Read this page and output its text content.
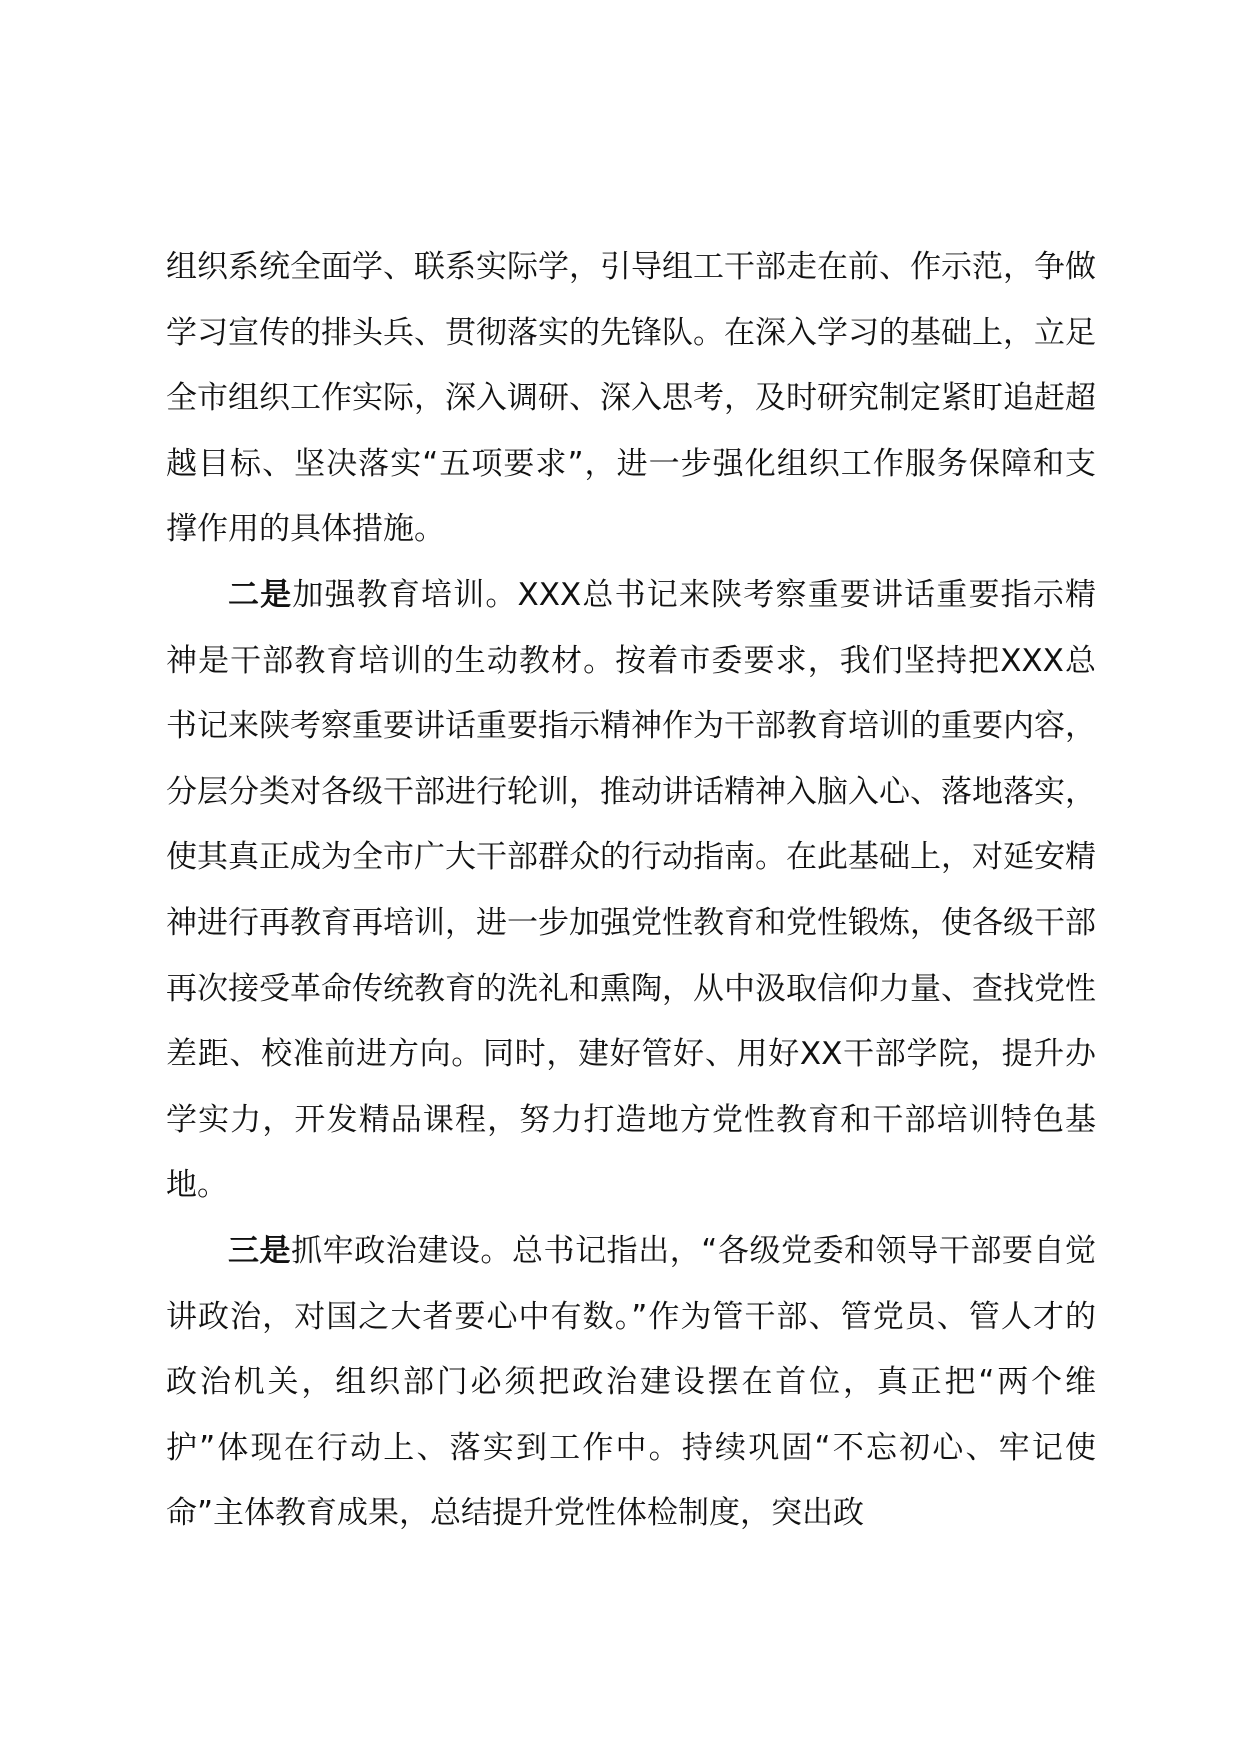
组织系统全面学、联系实际学，引导组工干部走在前、作示范，争做学习宣传的排头兵、贯彻落实的先锋队。在深入学习的基础上，立足全市组织工作实际，深入调研、深入思考，及时研究制定紧盯追赶超越目标、坚决落实“五项要求”，进一步强化组织工作服务保障和支撑作用的具体措施。

二是加强教育培训。XXX总书记来陕考察重要讲话重要指示精神是干部教育培训的生动教材。按着市委要求，我们坚持把XXX总书记来陕考察重要讲话重要指示精神作为干部教育培训的重要内容，分层分类对各级干部进行轮训，推动讲话精神入脑入心、落地落实，使其真正成为全市广大干部群众的行动指南。在此基础上，对延安精神进行再教育再培训，进一步加强党性教育和党性锻炼，使各级干部再次接受革命传统教育的洗礼和熏陶，从中汲取信仰力量、查找党性差距、校准前进方向。同时，建好管好、用好XX干部学院，提升办学实力，开发精品课程，努力打造地方党性教育和干部培训特色基地。

三是抓牢政治建设。总书记指出，“各级党委和领导干部要自觉讲政治，对国之大者要心中有数。”作为管干部、管党员、管人才的政治机关，组织部门必须把政治建设摆在首位，真正把“两个维护”体现在行动上、落实到工作中。持续巩固“不忘初心、牢记使命”主体教育成果，总结提升党性体检制度，突出政
